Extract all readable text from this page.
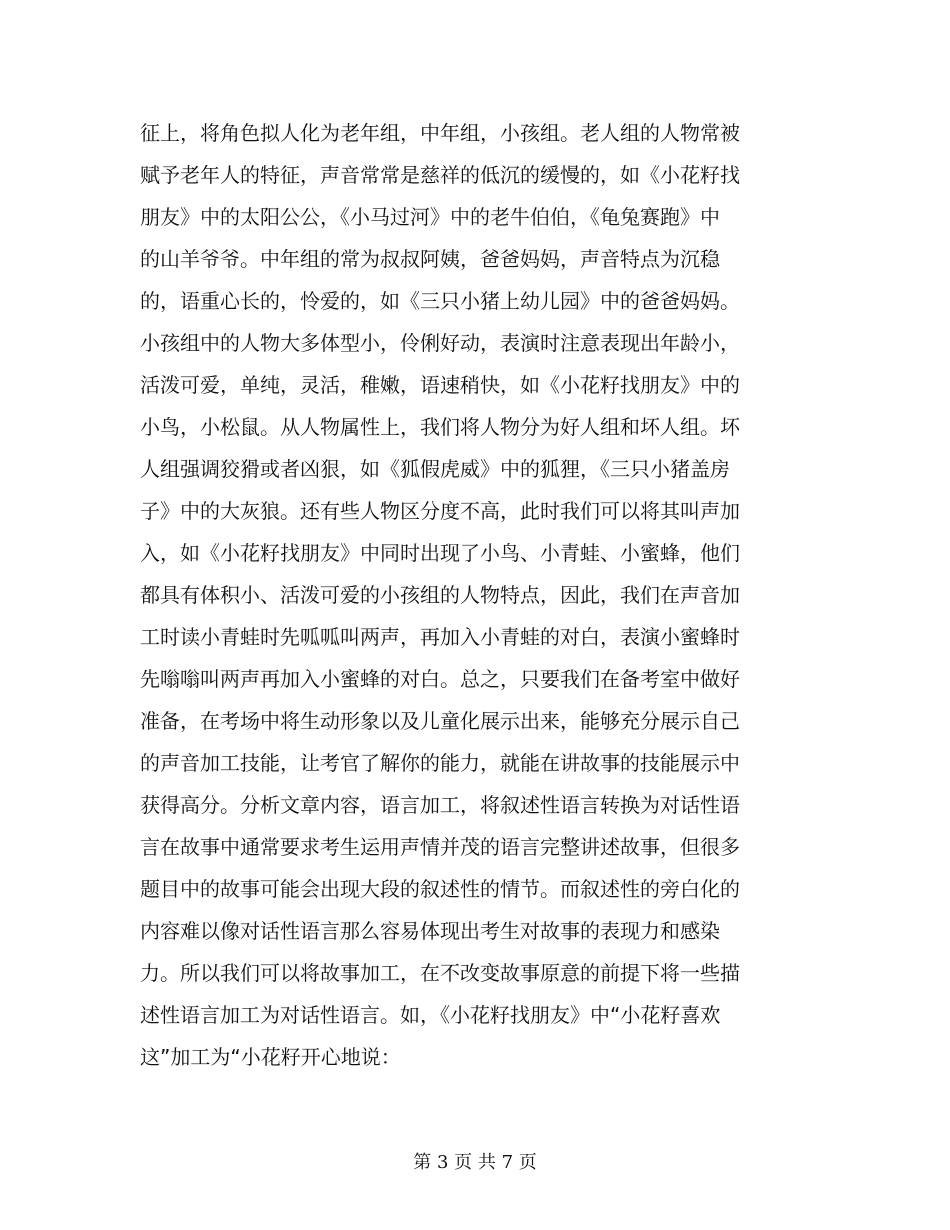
征上，将角色拟人化为老年组，中年组，小孩组。老人组的人物常被
赋予老年人的特征，声音常常是慈祥的低沉的缓慢的，如《小花籽找
朋友》中的太阳公公，《小马过河》中的老牛伯伯，《龟兔赛跑》中
的山羊爷爷。中年组的常为叔叔阿姨，爸爸妈妈，声音特点为沉稳
的，语重心长的，怜爱的，如《三只小猪上幼儿园》中的爸爸妈妈。
小孩组中的人物大多体型小，伶俐好动，表演时注意表现出年龄小，
活泼可爱，单纯，灵活，稚嫩，语速稍快，如《小花籽找朋友》中的
小鸟，小松鼠。从人物属性上，我们将人物分为好人组和坏人组。坏
人组强调狡猾或者凶狠，如《狐假虎威》中的狐狸，《三只小猪盖房
子》中的大灰狼。还有些人物区分度不高，此时我们可以将其叫声加
入，如《小花籽找朋友》中同时出现了小鸟、小青蛙、小蜜蜂，他们
都具有体积小、活泼可爱的小孩组的人物特点，因此，我们在声音加
工时读小青蛙时先呱呱叫两声，再加入小青蛙的对白，表演小蜜蜂时
先嗡嗡叫两声再加入小蜜蜂的对白。总之，只要我们在备考室中做好
准备，在考场中将生动形象以及儿童化展示出来，能够充分展示自己
的声音加工技能，让考官了解你的能力，就能在讲故事的技能展示中
获得高分。分析文章内容，语言加工，将叙述性语言转换为对话性语
言在故事中通常要求考生运用声情并茂的语言完整讲述故事，但很多
题目中的故事可能会出现大段的叙述性的情节。而叙述性的旁白化的
内容难以像对话性语言那么容易体现出考生对故事的表现力和感染
力。所以我们可以将故事加工，在不改变故事原意的前提下将一些描
述性语言加工为对话性语言。如，《小花籽找朋友》中“小花籽喜欢
这”加工为“小花籽开心地说：
第 3 页 共 7 页
